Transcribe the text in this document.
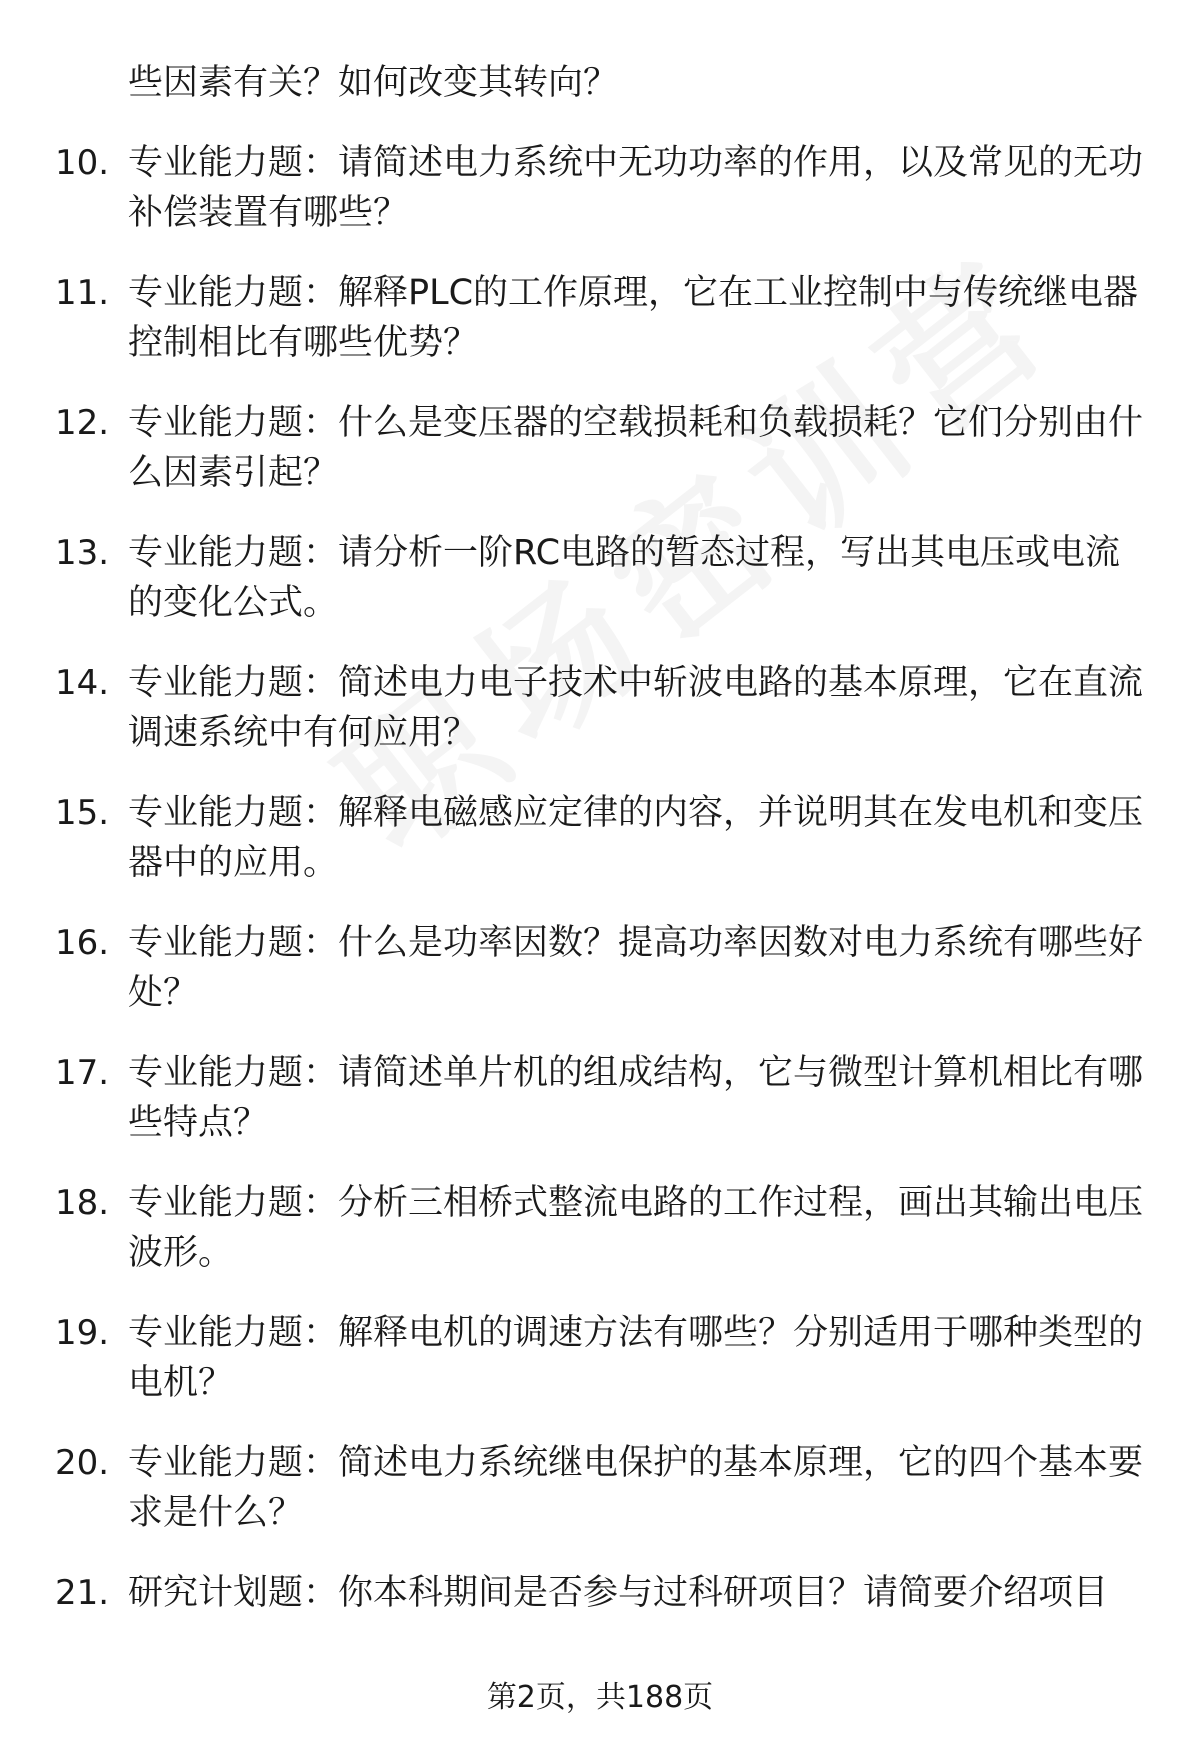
些因素有关？如何改变其转向？
10. 专业能力题：请简述电力系统中无功功率的作用，以及常见的无功补偿装置有哪些？
11. 专业能力题：解释PLC的工作原理，它在工业控制中与传统继电器控制相比有哪些优势？
12. 专业能力题：什么是变压器的空载损耗和负载损耗？它们分别由什么因素引起？
13. 专业能力题：请分析一阶RC电路的暂态过程，写出其电压或电流的变化公式。
14. 专业能力题：简述电力电子技术中斩波电路的基本原理，它在直流调速系统中有何应用？
15. 专业能力题：解释电磁感应定律的内容，并说明其在发电机和变压器中的应用。
16. 专业能力题：什么是功率因数？提高功率因数对电力系统有哪些好处？
17. 专业能力题：请简述单片机的组成结构，它与微型计算机相比有哪些特点？
18. 专业能力题：分析三相桥式整流电路的工作过程，画出其输出电压波形。
19. 专业能力题：解释电机的调速方法有哪些？分别适用于哪种类型的电机？
20. 专业能力题：简述电力系统继电保护的基本原理，它的四个基本要求是什么？
21. 研究计划题：你本科期间是否参与过科研项目？请简要介绍项目
第2页，共188页
